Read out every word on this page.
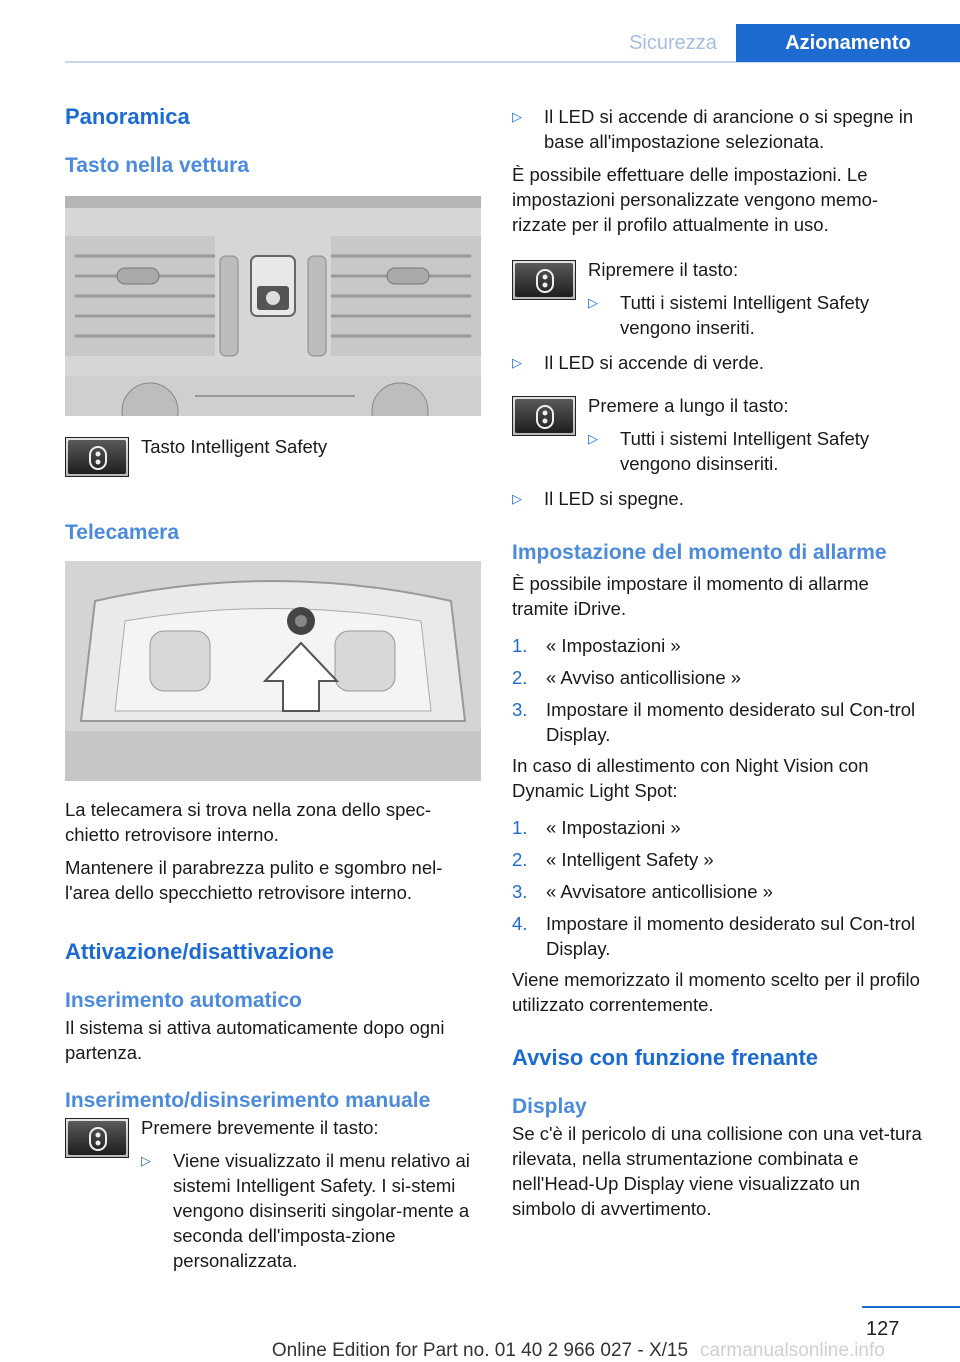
Sicurezza	Azionamento
Panoramica
Tasto nella vettura
Tasto Intelligent Safety
Telecamera

La telecamera si trova nella zona dello spec-chietto retrovisore interno.

Mantenere il parabrezza pulito e sgombro nel-l'area dello specchietto retrovisore interno.

Attivazione/disattivazione
Inserimento automatico

Il sistema si attiva automaticamente dopo ogni partenza.

Inserimento/disinserimento manuale
Premere brevemente il tasto:
▷	Viene visualizzato il menu relativo ai sistemi Intelligent Safety. I si-stemi vengono disinseriti singolar-mente a seconda dell'imposta-zione personalizzata.
▷	Il LED si accende di arancione o si spegne in base all'impostazione selezionata.

È possibile effettuare delle impostazioni. Le impostazioni personalizzate vengono memo-rizzate per il profilo attualmente in uso.

Ripremere il tasto:
▷	Tutti i sistemi Intelligent Safety vengono inseriti.
▷	Il LED si accende di verde.
Premere a lungo il tasto:
▷	Tutti i sistemi Intelligent Safety vengono disinseriti.
▷	Il LED si spegne.
Impostazione del momento di allarme

È possibile impostare il momento di allarme tramite iDrive.

1.	« Impostazioni »
2.	« Avviso anticollisione »
3.	Impostare il momento desiderato sul Con-trol Display.

In caso di allestimento con Night Vision con Dynamic Light Spot:

1.	« Impostazioni »
2.	« Intelligent Safety »
3.	« Avvisatore anticollisione »
4.	Impostare il momento desiderato sul Con-trol Display.

Viene memorizzato il momento scelto per il profilo utilizzato correntemente.

Avviso con funzione frenante
Display

Se c'è il pericolo di una collisione con una vet-tura rilevata, nella strumentazione combinata e nell'Head-Up Display viene visualizzato un simbolo di avvertimento.

127
Online Edition for Part no. 01 40 2 966 027 - X/15 carmanualsonline.info
